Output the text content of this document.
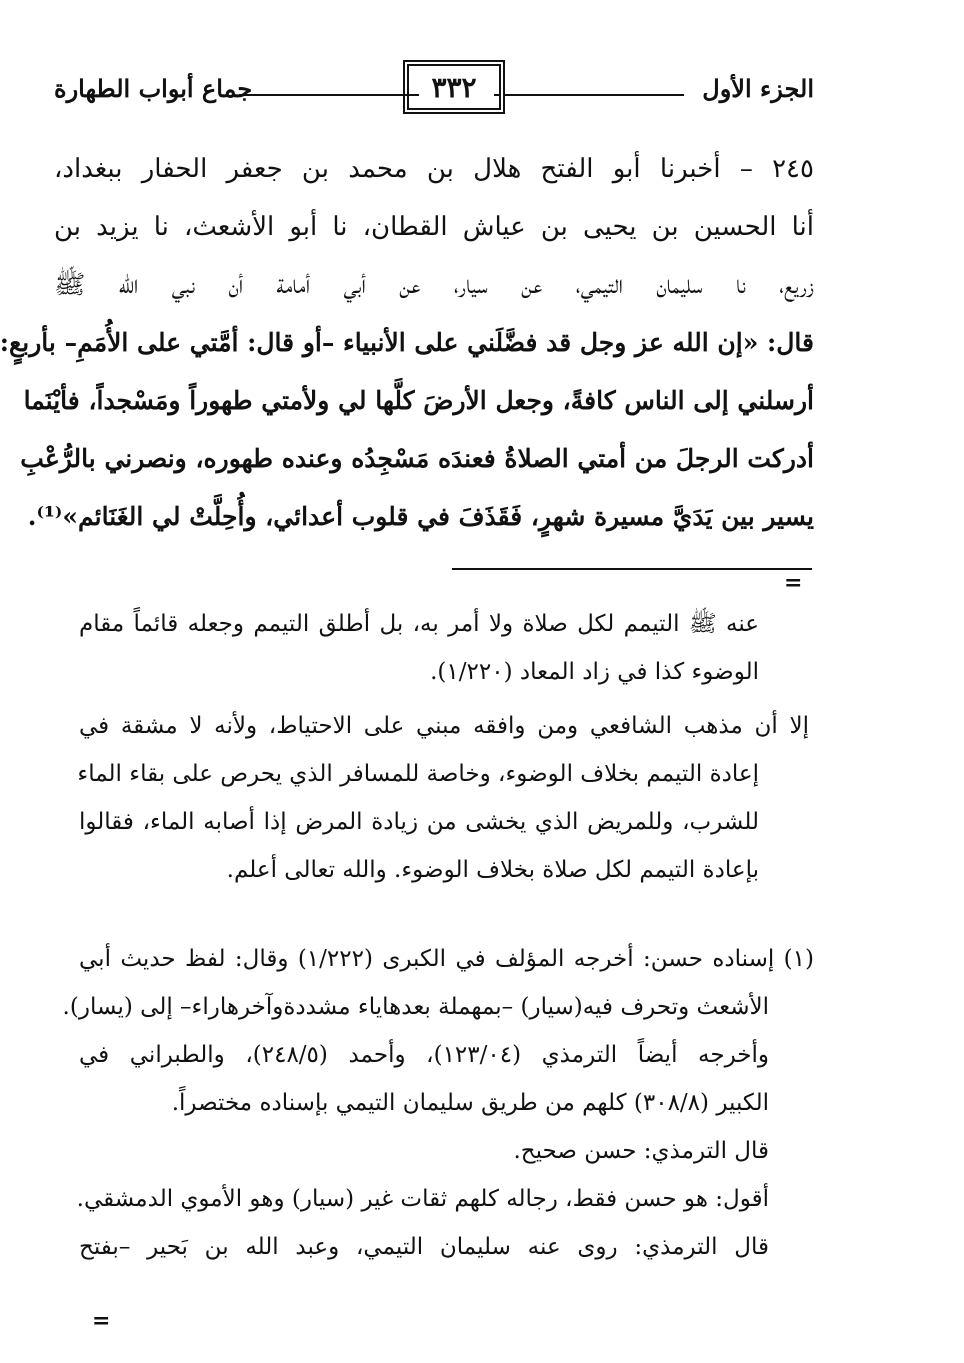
الجزء الأول
٣٣٢
جماع أبواب الطهارة
٢٤٥ – أخبرنا أبو الفتح هلال بن محمد بن جعفر الحفار ببغداد،
أنا الحسين بن يحيى بن عياش القطان، نا أبو الأشعث، نا يزيد بن
زريع، نا سليمان التيمي، عن سيار، عن أبي أمامة أن نبي الله ﷺ
قال: «إن الله عز وجل قد فضَّلَني على الأنبياء –أو قال: أمَّتي على الأُمَمِ– بأربعٍ:
أرسلني إلى الناس كافةً، وجعل الأرضَ كلَّها لي ولأمتي طهوراً ومَسْجداً، فأيْنَما
أدركت الرجلَ من أمتي الصلاةُ فعندَه مَسْجِدُه وعنده طهوره، ونصرني بالرُّعْبِ
يسير بين يَدَيَّ مسيرة شهرٍ، فَقَذَفَ في قلوب أعدائي، وأُحِلَّتْ لي الغَنَائم»⁽¹⁾.
=
عنه ﷺ التيمم لكل صلاة ولا أمر به، بل أطلق التيمم وجعله قائماً مقام
الوضوء كذا في زاد المعاد (١/٢٢٠).
إلا أن مذهب الشافعي ومن وافقه مبني على الاحتياط، ولأنه لا مشقة في
إعادة التيمم بخلاف الوضوء، وخاصة للمسافر الذي يحرص على بقاء الماء
للشرب، وللمريض الذي يخشى من زيادة المرض إذا أصابه الماء، فقالوا
بإعادة التيمم لكل صلاة بخلاف الوضوء. والله تعالى أعلم.
(١) إسناده حسن: أخرجه المؤلف في الكبرى (١/٢٢٢) وقال: لفظ حديث أبي
الأشعث وتحرف فيه(سيار) –بمهملة بعدهاياء مشددةوآخرهاراء– إلى (يسار).
وأخرجه أيضاً الترمذي (١٢٣/٠٤)، وأحمد (٢٤٨/٥)، والطبراني في
الكبير (٣٠٨/٨) كلهم من طريق سليمان التيمي بإسناده مختصراً.
قال الترمذي: حسن صحيح.
أقول: هو حسن فقط، رجاله كلهم ثقات غير (سيار) وهو الأموي الدمشقي.
قال الترمذي: روى عنه سليمان التيمي، وعبد الله بن بَحير –بفتح
=
